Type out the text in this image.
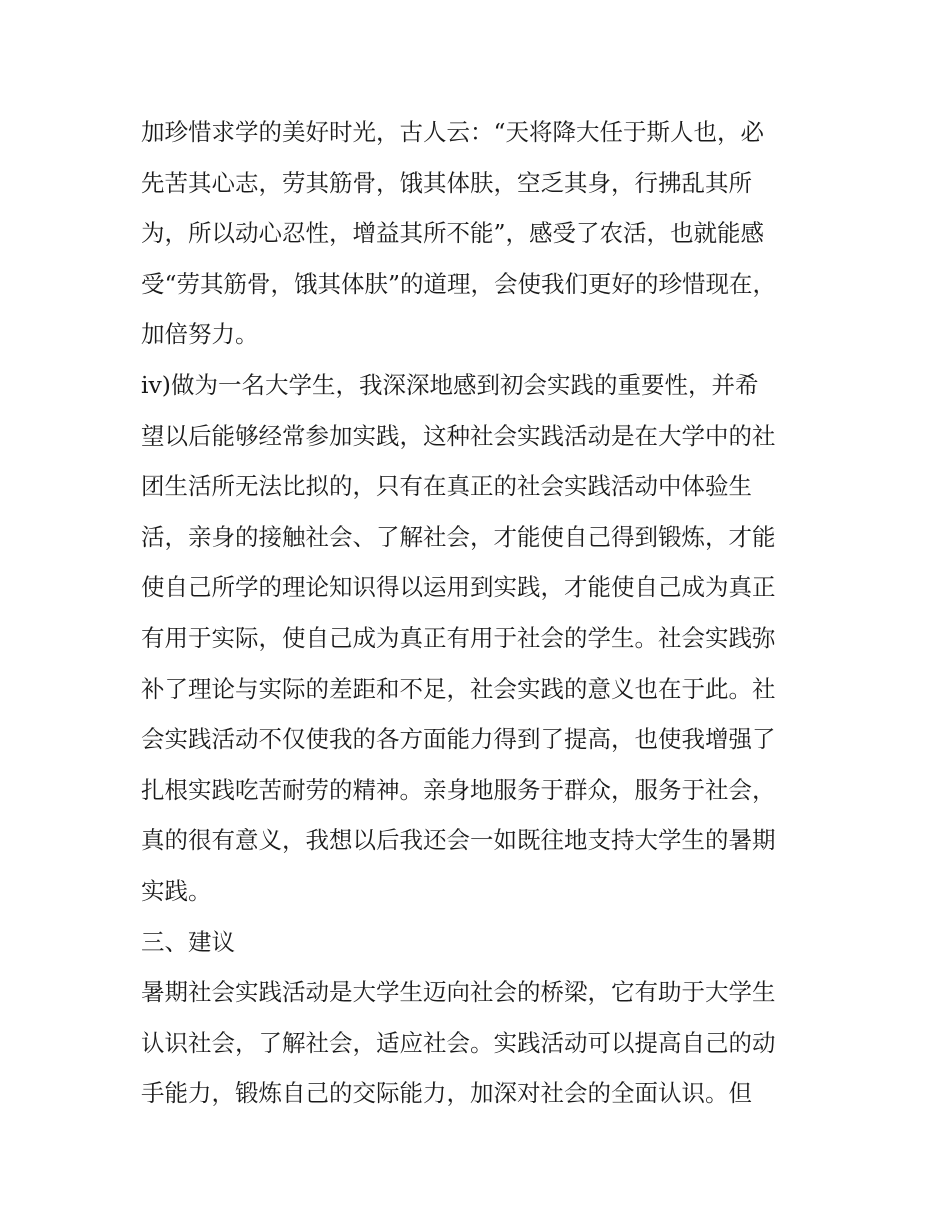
加珍惜求学的美好时光，古人云：“天将降大任于斯人也，必
先苦其心志，劳其筋骨，饿其体肤，空乏其身，行拂乱其所
为，所以动心忍性，增益其所不能”，感受了农活，也就能感
受“劳其筋骨，饿其体肤”的道理，会使我们更好的珍惜现在，
加倍努力。
iv)做为一名大学生，我深深地感到初会实践的重要性，并希
望以后能够经常参加实践，这种社会实践活动是在大学中的社
团生活所无法比拟的，只有在真正的社会实践活动中体验生
活，亲身的接触社会、了解社会，才能使自己得到锻炼，才能
使自己所学的理论知识得以运用到实践，才能使自己成为真正
有用于实际，使自己成为真正有用于社会的学生。社会实践弥
补了理论与实际的差距和不足，社会实践的意义也在于此。社
会实践活动不仅使我的各方面能力得到了提高，也使我增强了
扎根实践吃苦耐劳的精神。亲身地服务于群众，服务于社会，
真的很有意义，我想以后我还会一如既往地支持大学生的暑期
实践。
三、建议
暑期社会实践活动是大学生迈向社会的桥梁，它有助于大学生
认识社会，了解社会，适应社会。实践活动可以提高自己的动
手能力，锻炼自己的交际能力，加深对社会的全面认识。但
